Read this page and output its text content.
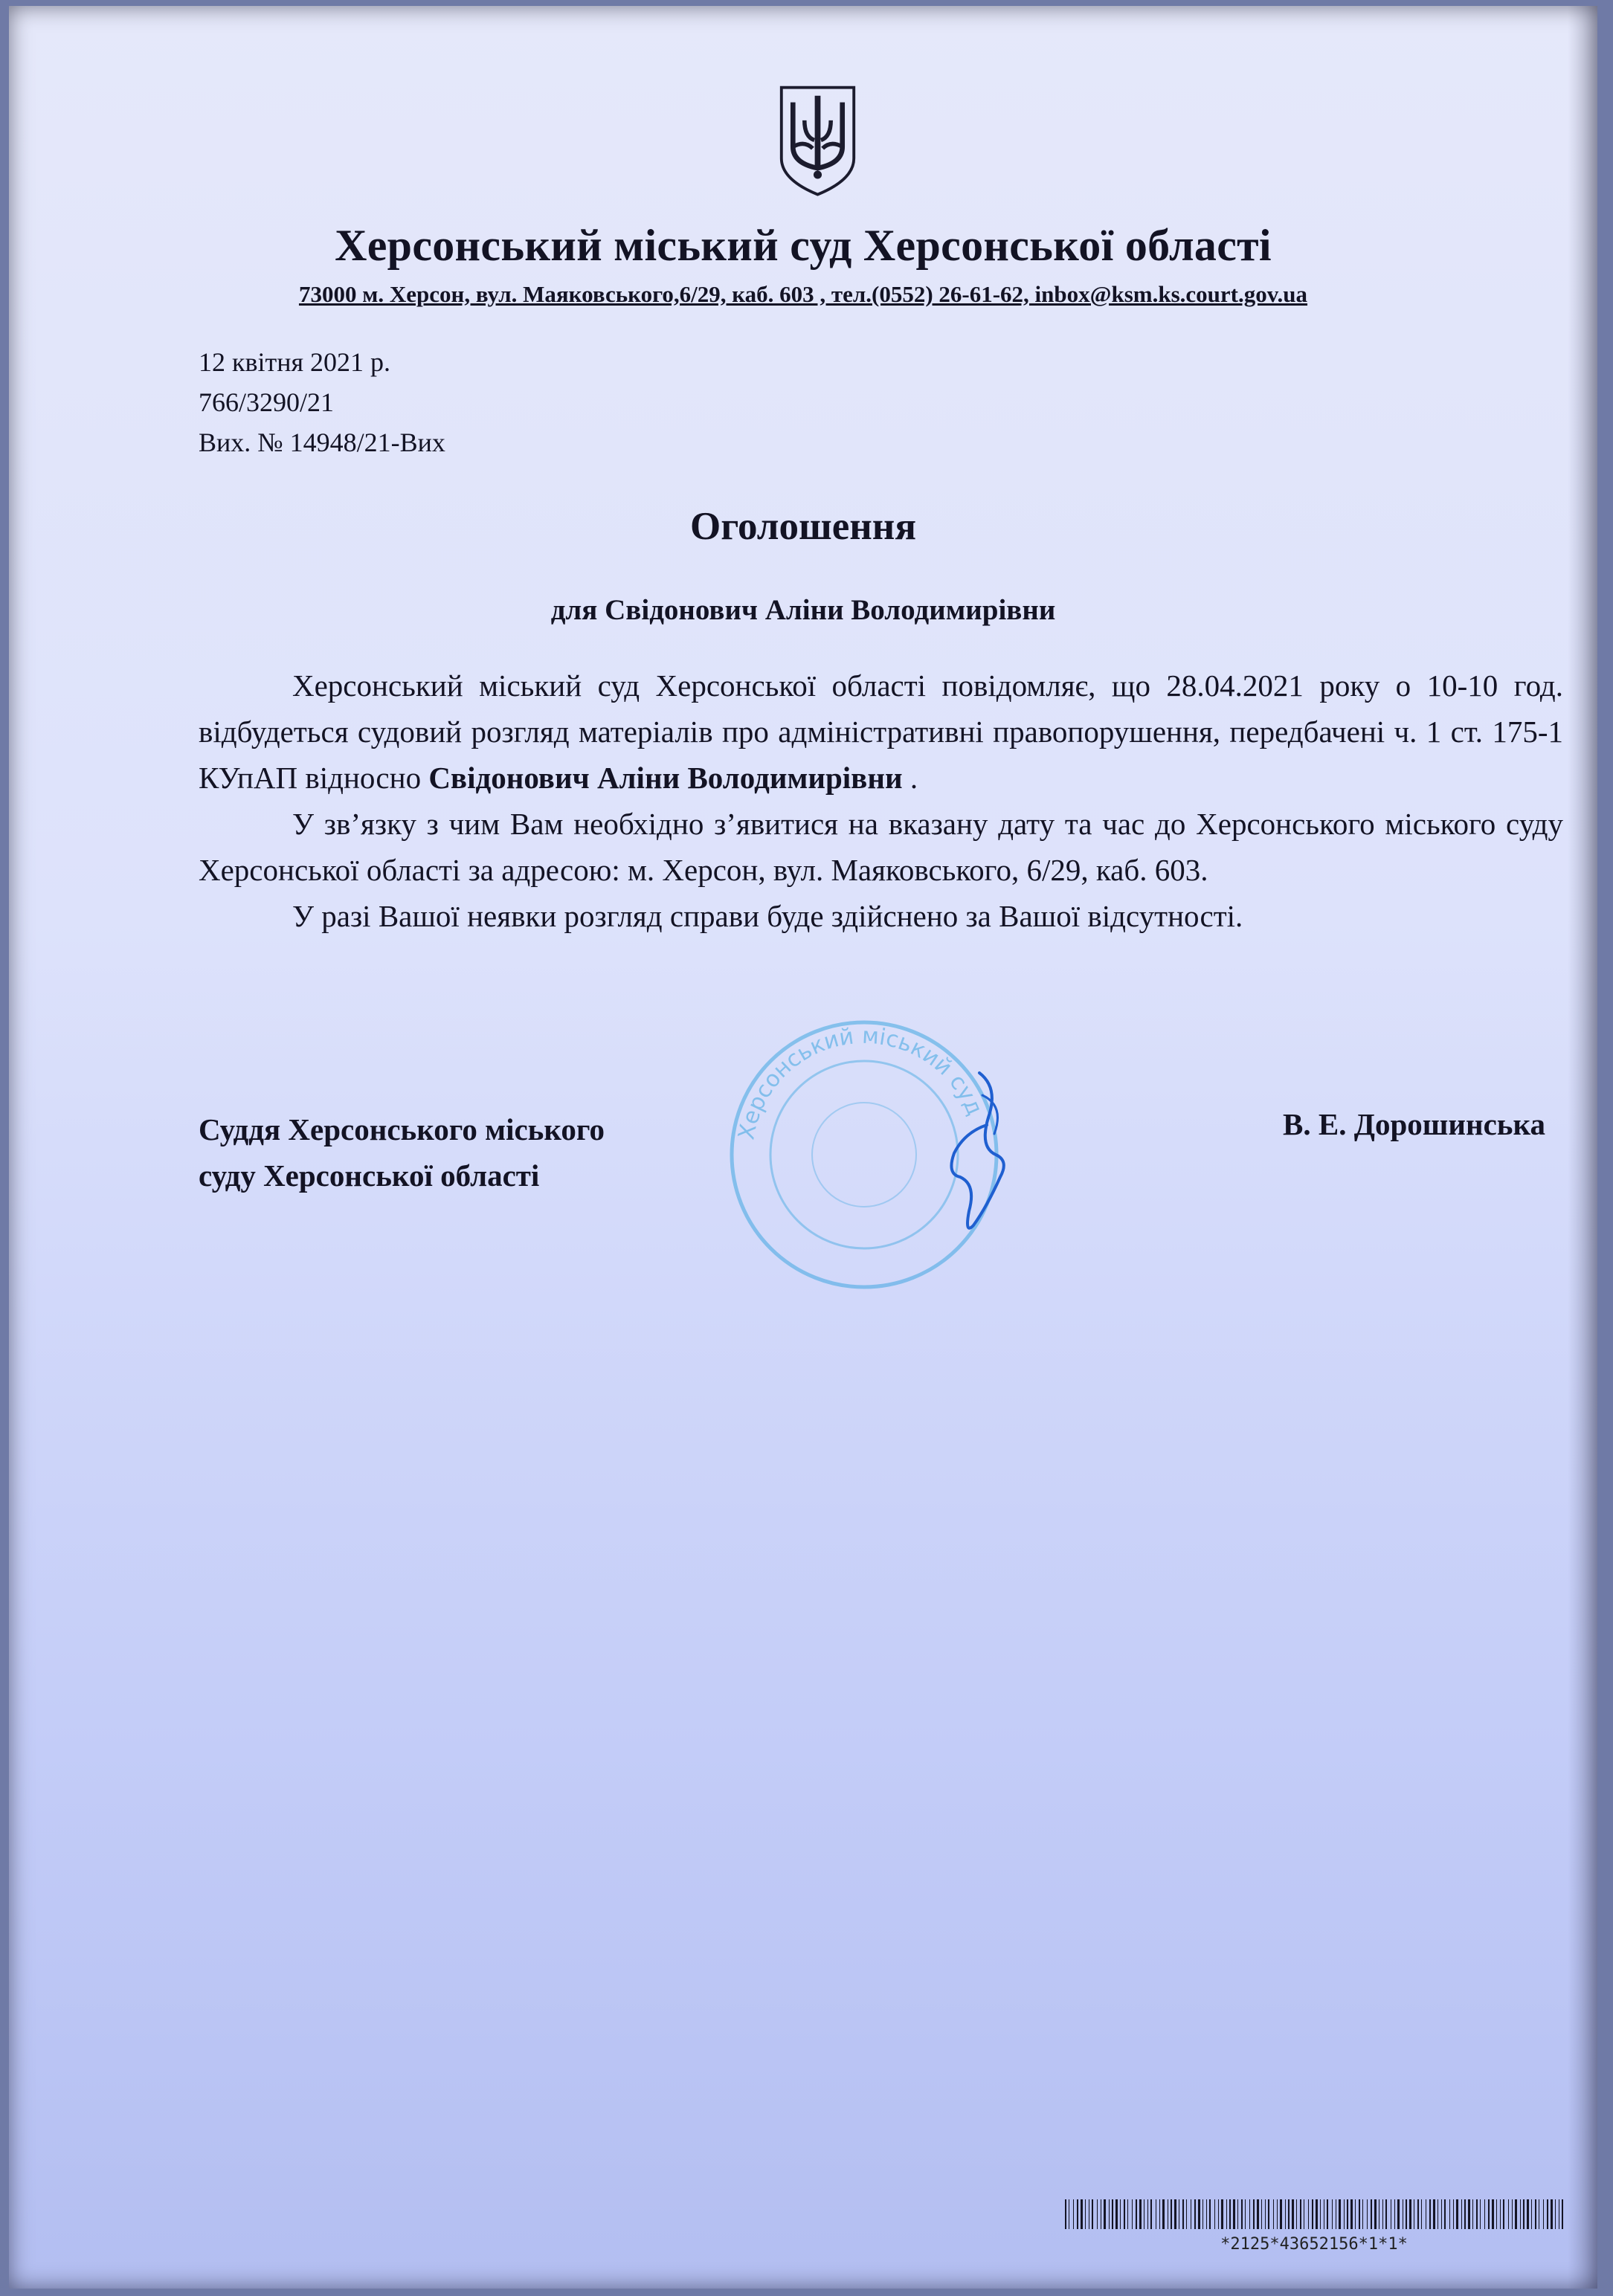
Херсонський міський суд Херсонської області
73000 м. Херсон, вул. Маяковського,6/29, каб. 603 , тел.(0552) 26-61-62, inbox@ksm.ks.court.gov.ua
12 квітня 2021 р.
766/3290/21
Вих. № 14948/21-Вих
Оголошення
для Свідонович Аліни Володимирівни

Херсонський міський суд Херсонської області повідомляє, що 28.04.2021 року о 10-10 год. відбудеться судовий розгляд матеріалів про адміністративні правопорушення, передбачені ч. 1 ст. 175-1 КУпАП відносно Свідонович Аліни Володимирівни .

У зв’язку з чим Вам необхідно з’явитися на вказану дату та час до Херсонського міського суду Херсонської області за адресою: м. Херсон, вул. Маяковського, 6/29, каб. 603.

У разі Вашої неявки розгляд справи буде здійснено за Вашої відсутності.

Суддя Херсонського міського
суду Херсонської області
В. Е. Дорошинська
Херсонський міський суд
*2125*43652156*1*1*
